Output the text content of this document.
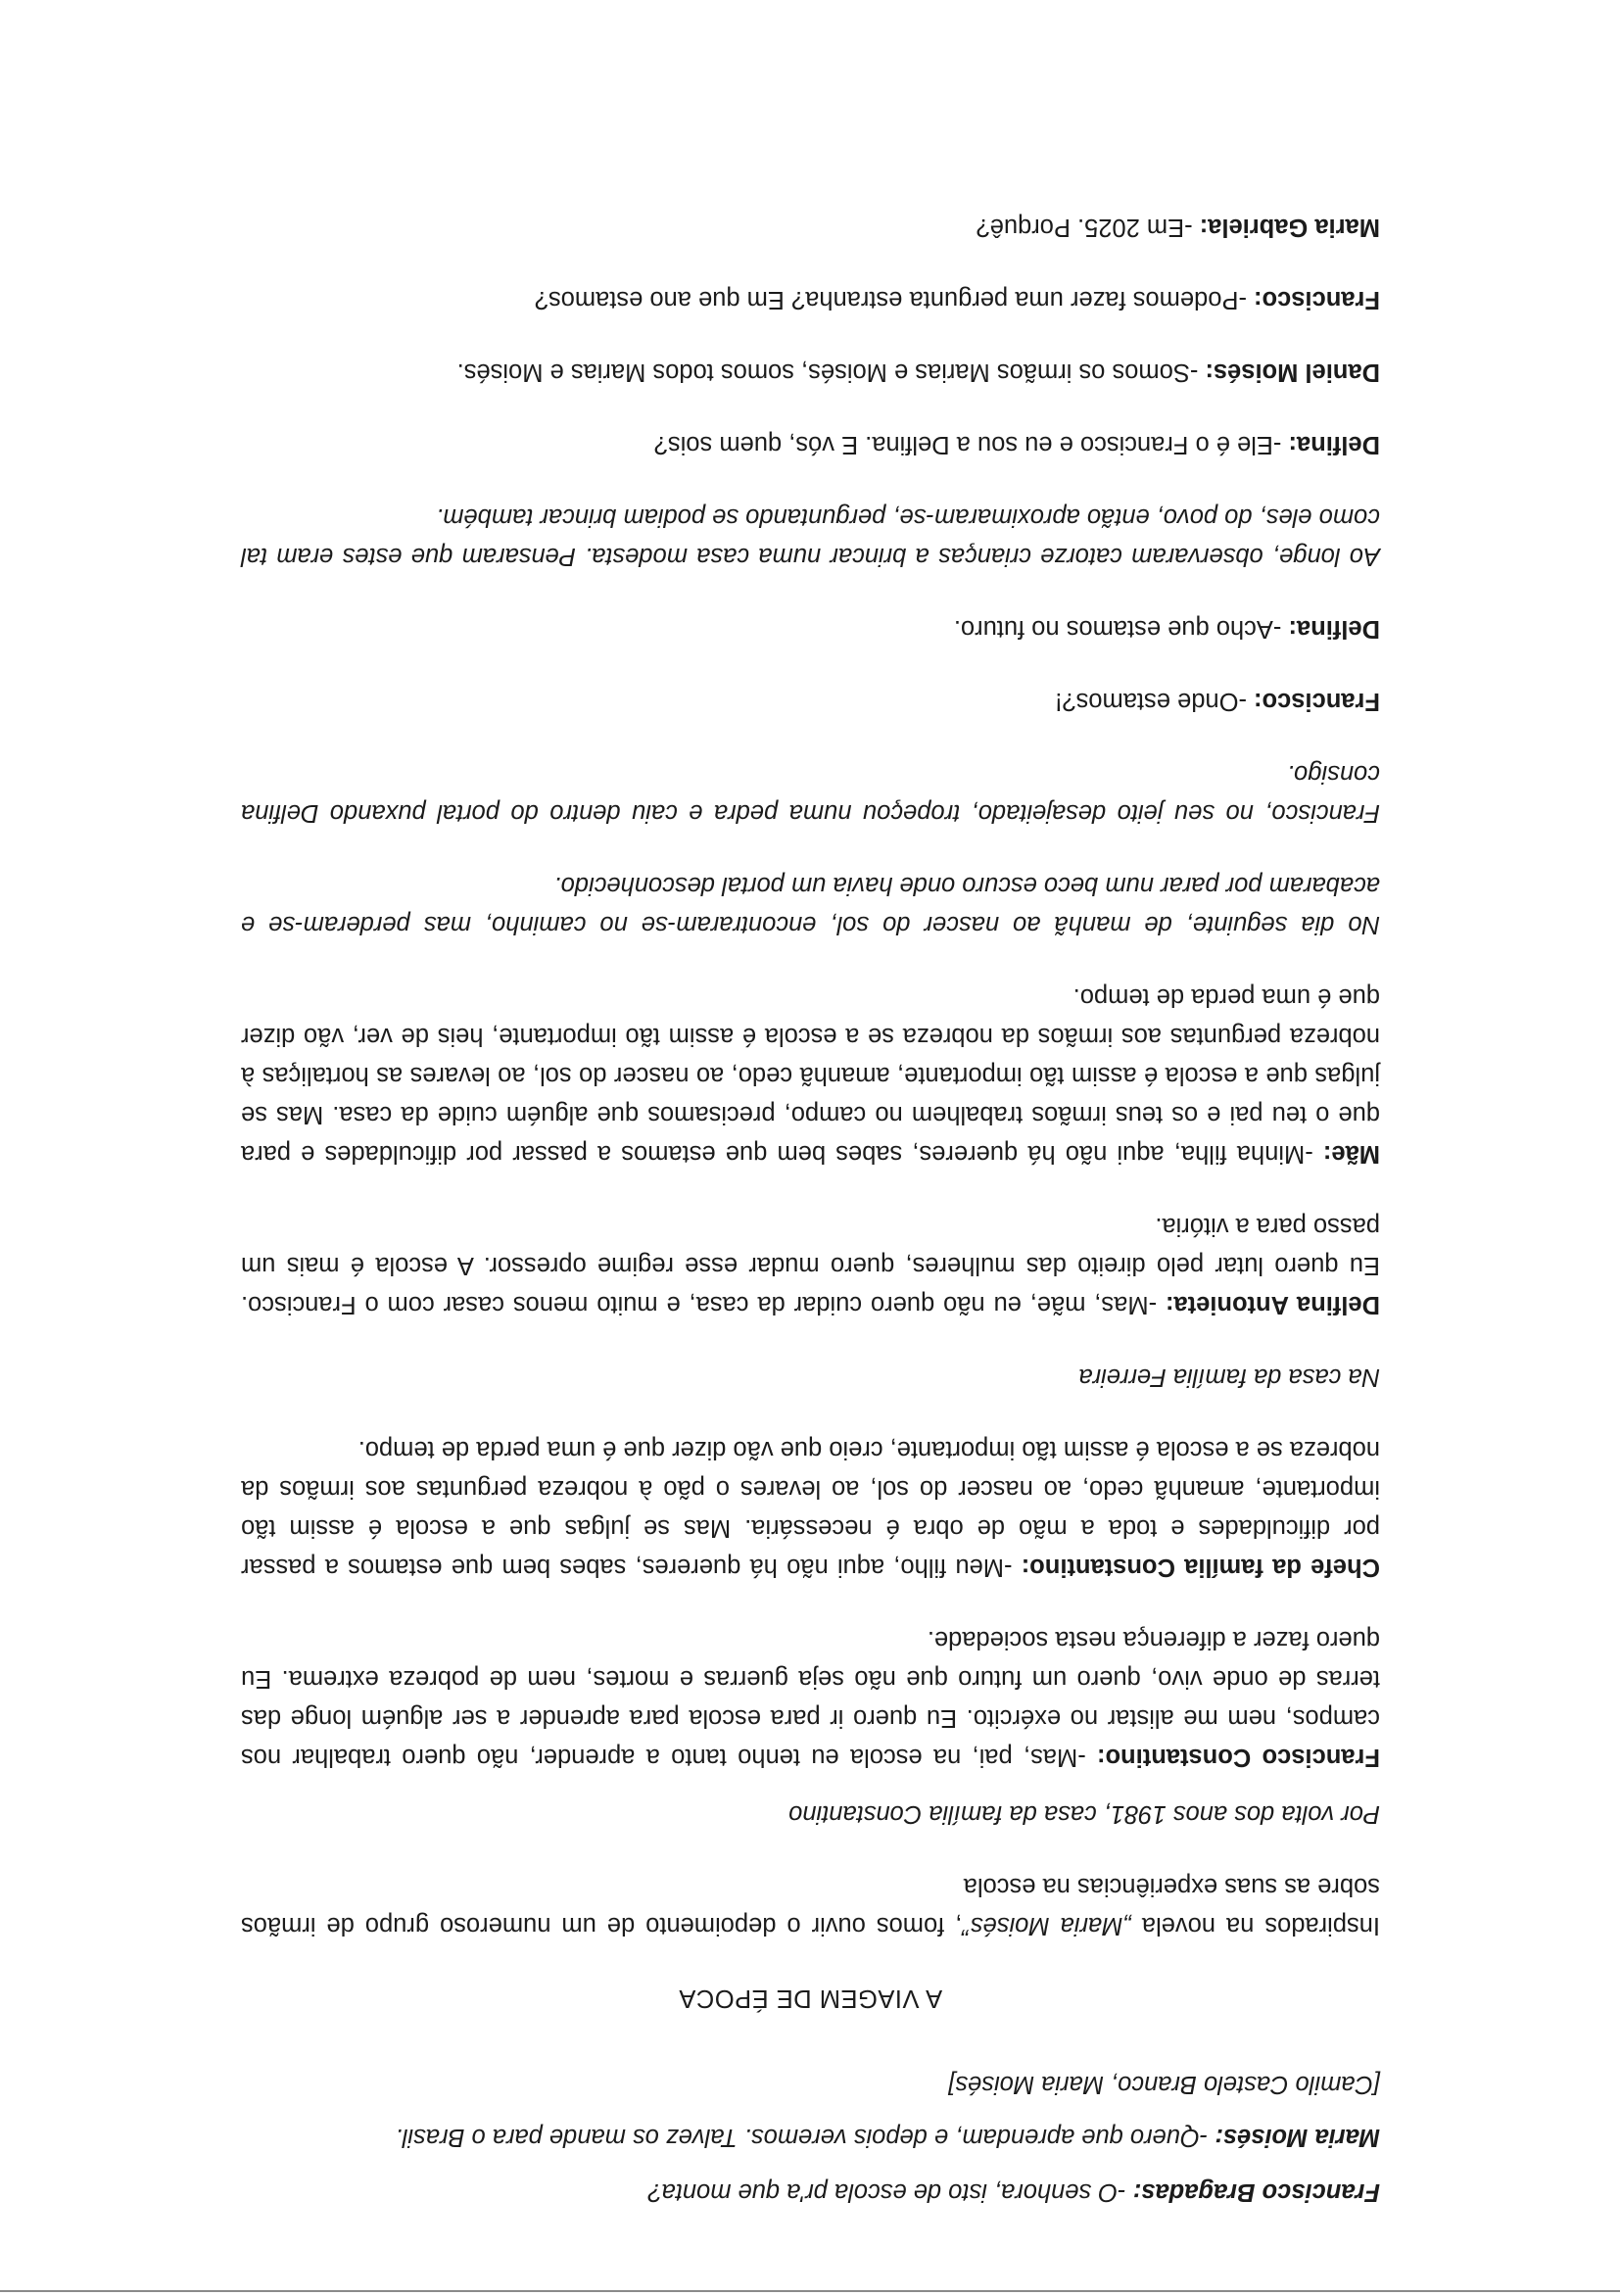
Francisco Bragadas: -O senhora, isto de escola pr'a que monta?

Maria Moisés: -Quero que aprendam, e depois veremos. Talvez os mande para o Brasil.

[Camilo Castelo Branco, Maria Moisés]

A VIAGEM DE ÉPOCA

Inspirados na novela „Maria Moisés”, fomos ouvir o depoimento de um numeroso grupo de irmãos sobre as suas experiências na escola

Por volta dos anos 1981, casa da família Constantino

Francisco Constantino: -Mas, pai, na escola eu tenho tanto a aprender, não quero trabalhar nos campos, nem me alistar no exército. Eu quero ir para escola para aprender a ser alguém longe das terras de onde vivo, quero um futuro que não seja guerras e mortes, nem de pobreza extrema. Eu quero fazer a diferença nesta sociedade.

Chefe da família Constantino: -Meu filho, aqui não há quereres, sabes bem que estamos a passar por dificuldades e toda a mão de obra é necessária. Mas se julgas que a escola é assim tão importante, amanhã cedo, ao nascer do sol, ao levares o pão à nobreza perguntas aos irmãos da nobreza se a escola é assim tão importante, creio que vão dizer que é uma perda de tempo.

Na casa da família Ferreira

Delfina Antonieta: -Mas, mãe, eu não quero cuidar da casa, e muito menos casar com o Francisco. Eu quero lutar pelo direito das mulheres, quero mudar esse regime opressor. A escola é mais um passo para a vitória.

Mãe: -Minha filha, aqui não há quereres, sabes bem que estamos a passar por dificuldades e para que o teu pai e os teus irmãos trabalhem no campo, precisamos que alguém cuide da casa. Mas se julgas que a escola é assim tão importante, amanhã cedo, ao nascer do sol, ao levares as hortaliças à nobreza perguntas aos irmãos da nobreza se a escola é assim tão importante, heis de ver, vão dizer que é uma perda de tempo.

No dia seguinte, de manhã ao nascer do sol, encontraram-se no caminho, mas perderam-se e acabaram por parar num beco escuro onde havia um portal desconhecido.

Francisco, no seu jeito desajeitado, tropeçou numa pedra e caiu dentro do portal puxando Delfina consigo.

Francisco: -Onde estamos?!

Delfina: -Acho que estamos no futuro.

Ao longe, observaram catorze crianças a brincar numa casa modesta. Pensaram que estes eram tal como eles, do povo, então aproximaram-se, perguntando se podiam brincar também.

Delfina: -Ele é o Francisco e eu sou a Delfina. E vós, quem sois?

Daniel Moisés: -Somos os irmãos Marias e Moisés, somos todos Marias e Moisés.

Francisco: -Podemos fazer uma pergunta estranha? Em que ano estamos?

Maria Gabriela: -Em 2025. Porquê?
